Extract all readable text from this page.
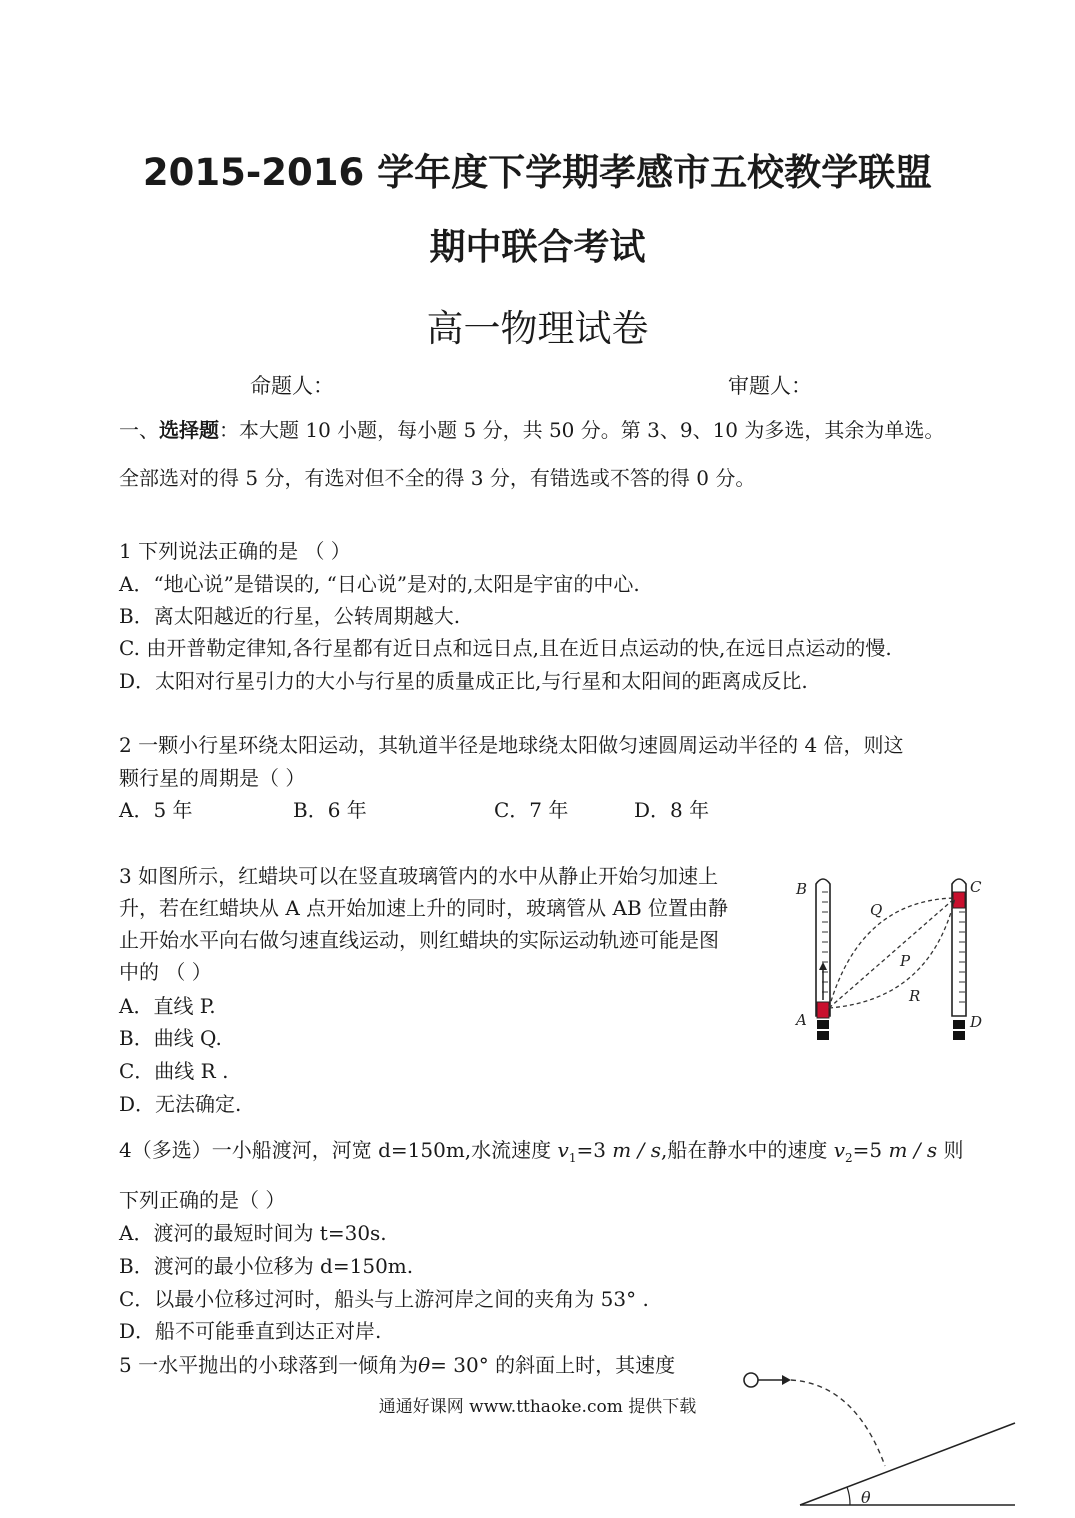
2015-2016 学年度下学期孝感市五校教学联盟
期中联合考试
高一物理试卷
命题人：	审题人：
一、选择题：本大题 10 小题，每小题 5 分，共 50 分。第 3、9、10 为多选，其余为单选。
全部选对的得 5 分，有选对但不全的得 3 分，有错选或不答的得 0 分。
1 下列说法正确的是 （ ）
A．“地心说”是错误的, “日心说”是对的,太阳是宇宙的中心.
B．离太阳越近的行星，公转周期越大.
C. 由开普勒定律知,各行星都有近日点和远日点,且在近日点运动的快,在远日点运动的慢.
D．太阳对行星引力的大小与行星的质量成正比,与行星和太阳间的距离成反比.
2 一颗小行星环绕太阳运动，其轨道半径是地球绕太阳做匀速圆周运动半径的 4 倍，则这
颗行星的周期是（ ）
A．5 年	B．6 年	C．7 年	D．8 年
3 如图所示，红蜡块可以在竖直玻璃管内的水中从静止开始匀加速上
升，若在红蜡块从 A 点开始加速上升的同时，玻璃管从 AB 位置由静
止开始水平向右做匀速直线运动，则红蜡块的实际运动轨迹可能是图
中的 （ ）
A．直线 P.
B．曲线 Q.
C．曲线 R .
D．无法确定.
B	C
A	D
Q
P
R
4（多选）一小船渡河，河宽 d=150m,水流速度 $v_1=3$ m / s,船在静水中的速度 $v_2=5$ m / s 则
下列正确的是（ ）
A．渡河的最短时间为 t=30s.
B．渡河的最小位移为 d=150m.
C．以最小位移过河时，船头与上游河岸之间的夹角为 53° .
D．船不可能垂直到达正对岸.
5 一水平抛出的小球落到一倾角为θ= 30° 的斜面上时，其速度
θ
通通好课网 www.tthaoke.com 提供下载
